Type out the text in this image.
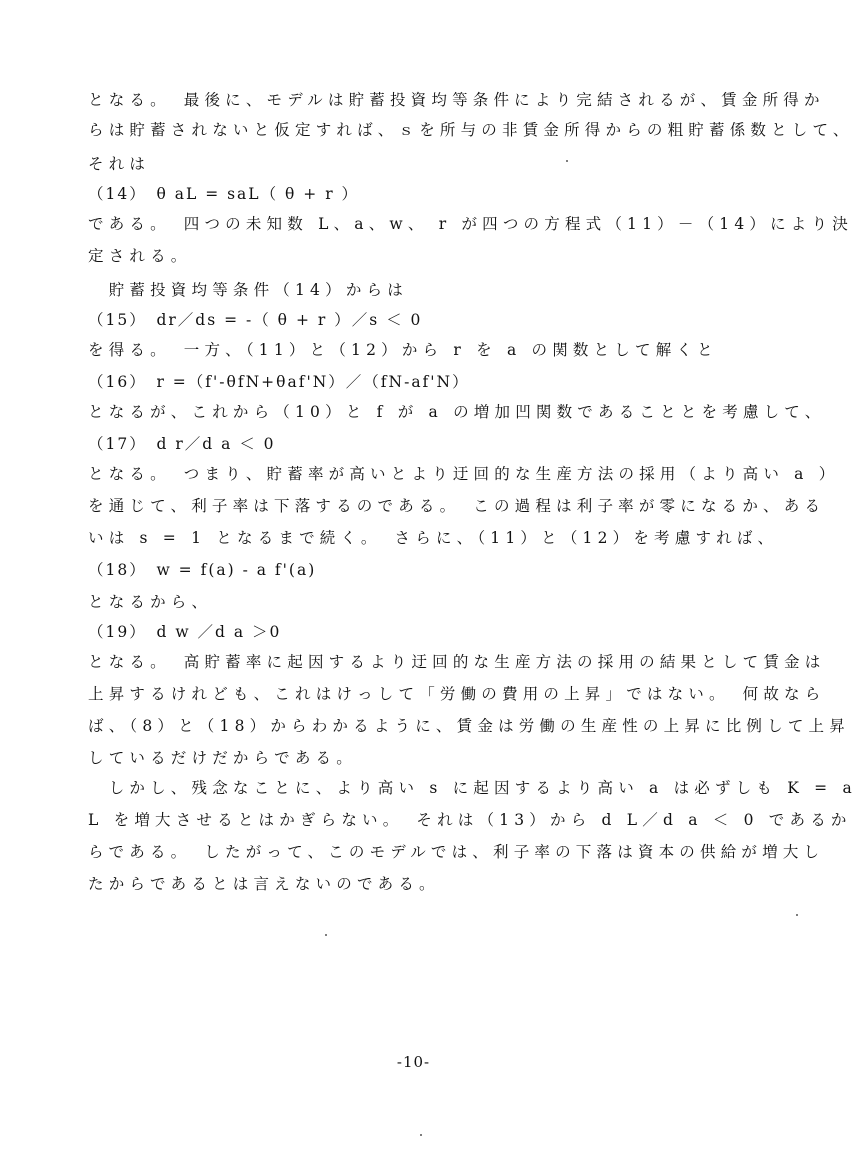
となる。　最後に、モデルは貯蓄投資均等条件により完結されるが、賃金所得か
らは貯蓄されないと仮定すれば、ｓを所与の非賃金所得からの粗貯蓄係数として、
それは
（14）　θ aL = saL（ θ + r ）
である。　四つの未知数 L、a、w、 r が四つの方程式（11）－（14）により決
定される。
　貯蓄投資均等条件（14）からは
（15）　dr／ds = -（ θ + r ）／s ＜ 0
を得る。　一方、（11）と（12）から r を a の関数として解くと
（16）　r =（f'-θfN+θaf'N）／（fN-af'N）
となるが、これから（10）と f が a の増加凹関数であることとを考慮して、
（17）　d r／d a ＜ 0
となる。　つまり、貯蓄率が高いとより迂回的な生産方法の採用（より高い a ）
を通じて、利子率は下落するのである。　この過程は利子率が零になるか、ある
いは s = 1 となるまで続く。　さらに、（11）と（12）を考慮すれば、
（18）　w = f(a) - a f'(a)
となるから、
（19）　d w ／d a ＞0
となる。　高貯蓄率に起因するより迂回的な生産方法の採用の結果として賃金は
上昇するけれども、これはけっして「労働の費用の上昇」ではない。　何故なら
ば、（8）と（18）からわかるように、賃金は労働の生産性の上昇に比例して上昇
しているだけだからである。
　しかし、残念なことに、より高い s に起因するより高い a は必ずしも K = a
L を増大させるとはかぎらない。　それは（13）から d L／d a ＜ 0 であるか
らである。　したがって、このモデルでは、利子率の下落は資本の供給が増大し
たからであるとは言えないのである。
-10-
